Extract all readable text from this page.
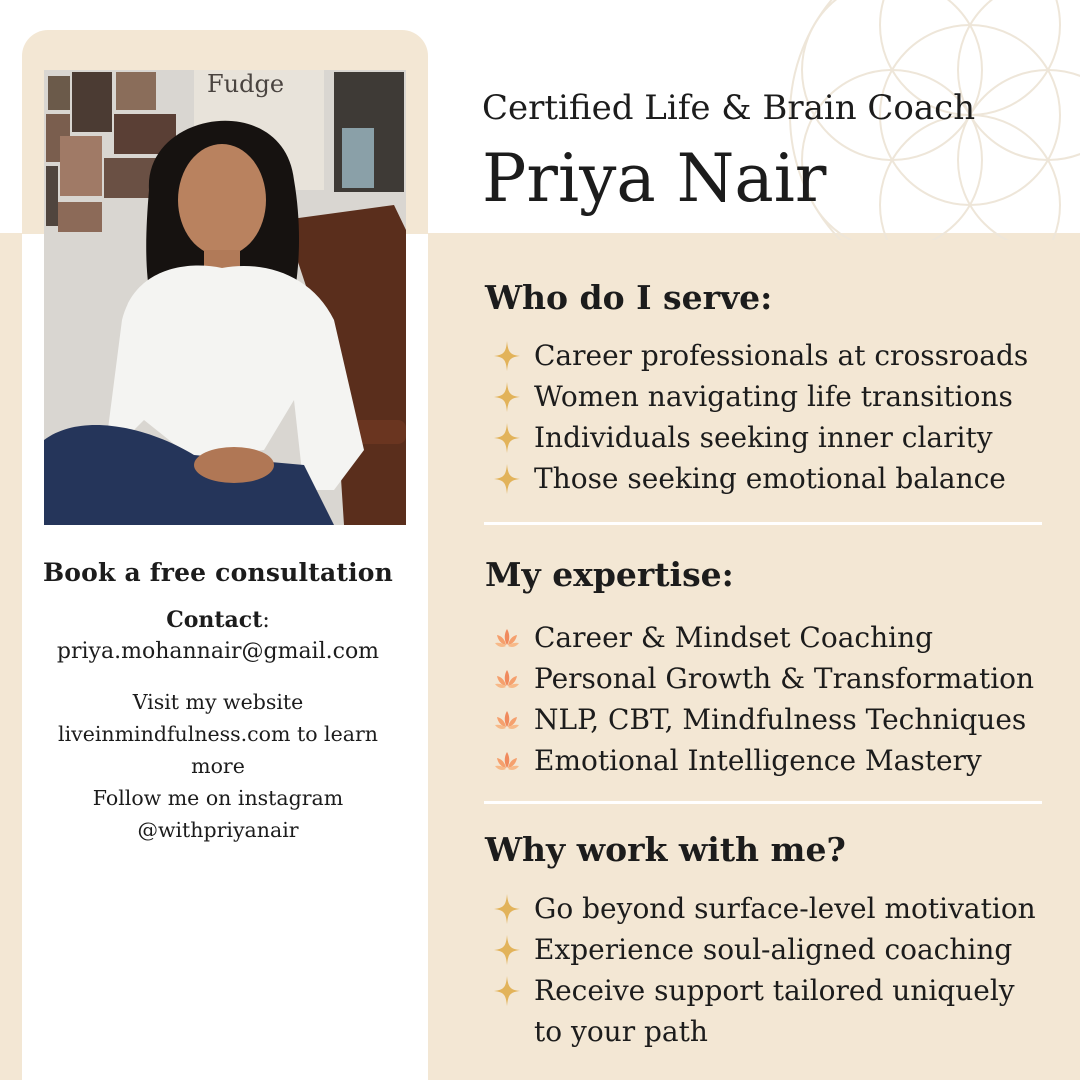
Fudge
Book a free consultation
Contact:
priya.mohannair@gmail.com
Visit my website liveinmindfulness.com to learn more
Follow me on instagram @withpriyanair
Certified Life & Brain Coach
Priya Nair
Who do I serve:
Career professionals at crossroads
Women navigating life transitions
Individuals seeking inner clarity
Those seeking emotional balance
My expertise:
Career & Mindset Coaching
Personal Growth & Transformation
NLP, CBT, Mindfulness Techniques
Emotional Intelligence Mastery
Why work with me?
Go beyond surface-level motivation
Experience soul-aligned coaching
Receive support tailored uniquely
to your path
